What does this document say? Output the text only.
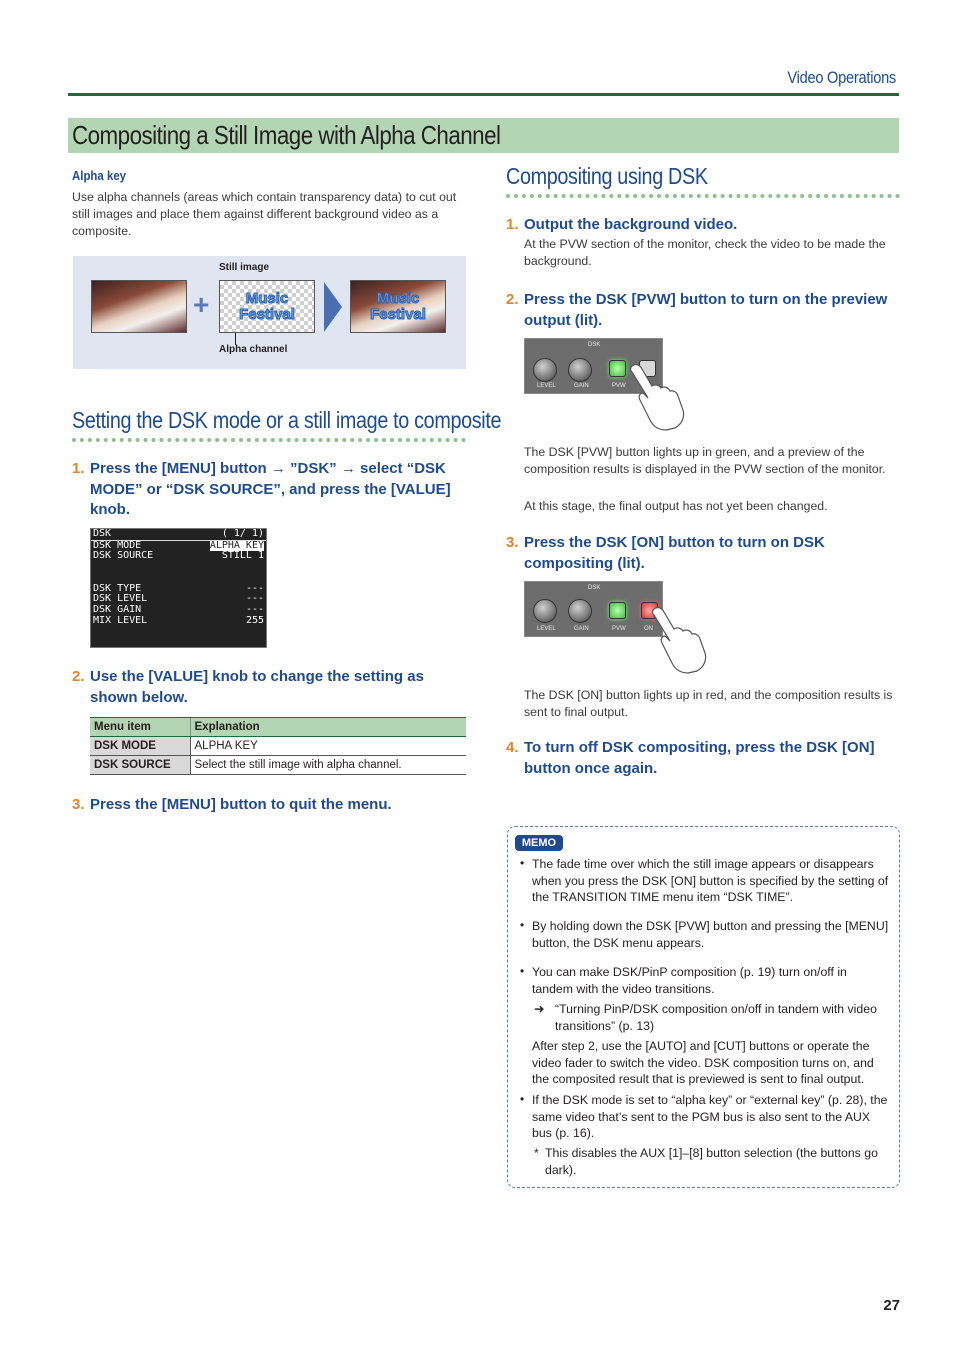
Video Operations
Compositing a Still Image with Alpha Channel
Alpha key
Use alpha channels (areas which contain transparency data) to cut out still images and place them against different background video as a composite.
+
Still image
Music
Festival
Alpha channel
Music
Festival
Setting the DSK mode or a still image to composite
1. Press the [MENU] button → ”DSK” → select “DSK MODE” or “DSK SOURCE”, and press the [VALUE] knob.
DSK	( 1/ 1)
DSK MODE	ALPHA KEY
DSK SOURCE	STILL 1
DSK TYPE	---
DSK LEVEL	---
DSK GAIN	---
MIX LEVEL	255
2. Use the [VALUE] knob to change the setting as shown below.
Menu item	Explanation
DSK MODE	ALPHA KEY
DSK SOURCE	Select the still image with alpha channel.
3. Press the [MENU] button to quit the menu.
Compositing using DSK
1. Output the background video.
At the PVW section of the monitor, check the video to be made the background.
2. Press the DSK [PVW] button to turn on the preview output (lit).
DSK
LEVEL	GAIN	PVW
The DSK [PVW] button lights up in green, and a preview of the composition results is displayed in the PVW section of the monitor.
At this stage, the final output has not yet been changed.
3. Press the DSK [ON] button to turn on DSK compositing (lit).
DSK
LEVEL	GAIN	PVW	ON
The DSK [ON] button lights up in red, and the composition results is sent to final output.
4. To turn off DSK compositing, press the DSK [ON] button once again.
MEMO
• The fade time over which the still image appears or disappears when you press the DSK [ON] button is specified by the setting of the TRANSITION TIME menu item “DSK TIME”.
• By holding down the DSK [PVW] button and pressing the [MENU] button, the DSK menu appears.
• You can make DSK/PinP composition (p. 19) turn on/off in tandem with the video transitions.
➜ “Turning PinP/DSK composition on/off in tandem with video transitions” (p. 13)
After step 2, use the [AUTO] and [CUT] buttons or operate the video fader to switch the video. DSK composition turns on, and the composited result that is previewed is sent to final output.
• If the DSK mode is set to “alpha key” or “external key” (p. 28), the same video that’s sent to the PGM bus is also sent to the AUX bus (p. 16).
* This disables the AUX [1]–[8] button selection (the buttons go dark).
27
